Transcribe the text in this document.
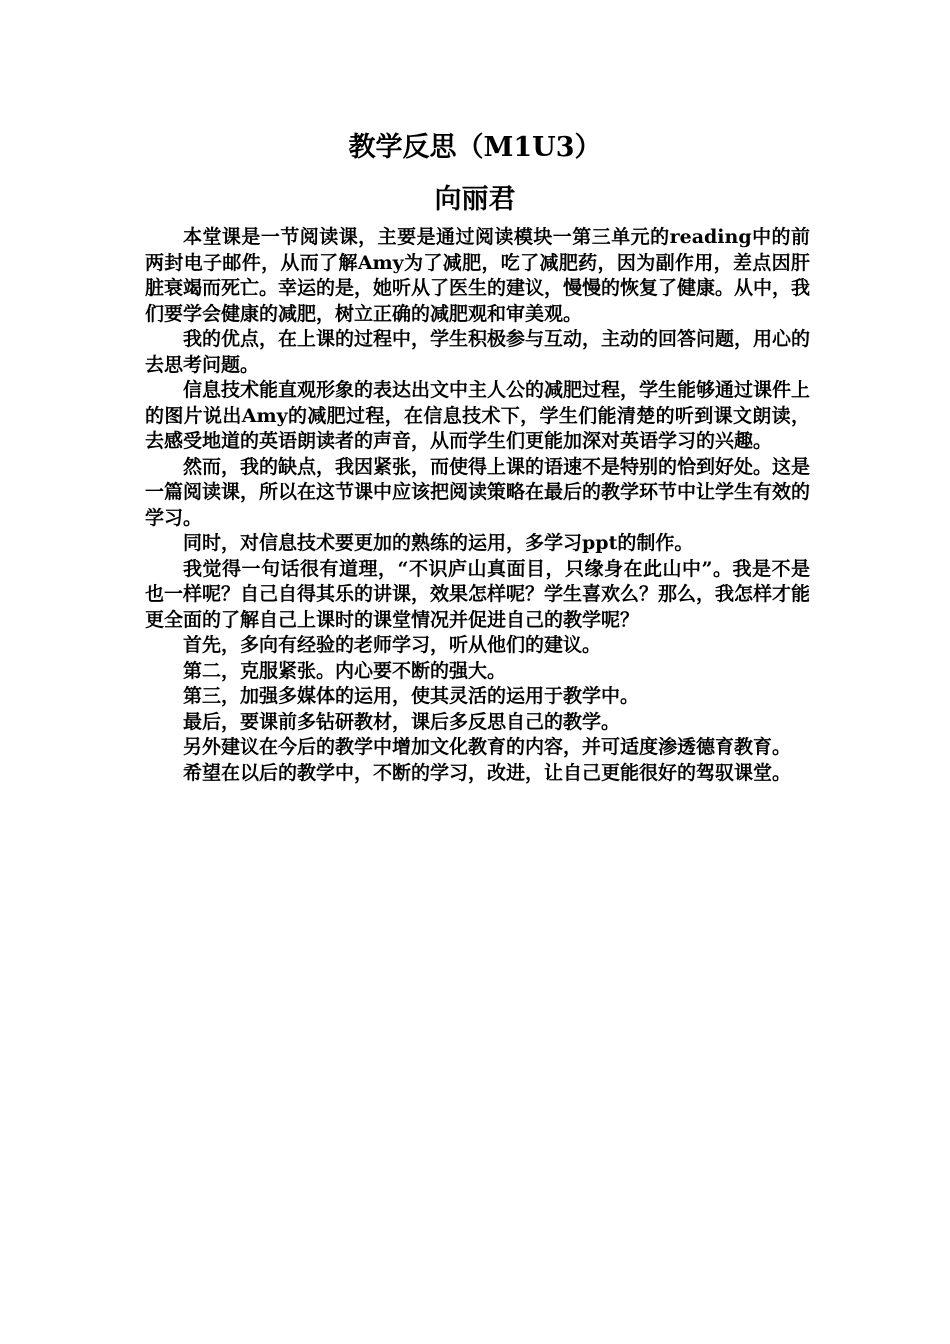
教学反思（M1U3）
向丽君

本堂课是一节阅读课，主要是通过阅读模块一第三单元的reading中的前两封电子邮件，从而了解Amy为了减肥，吃了减肥药，因为副作用，差点因肝脏衰竭而死亡。幸运的是，她听从了医生的建议，慢慢的恢复了健康。从中，我们要学会健康的减肥，树立正确的减肥观和审美观。

我的优点，在上课的过程中，学生积极参与互动，主动的回答问题，用心的去思考问题。

信息技术能直观形象的表达出文中主人公的减肥过程，学生能够通过课件上的图片说出Amy的减肥过程，在信息技术下，学生们能清楚的听到课文朗读，去感受地道的英语朗读者的声音，从而学生们更能加深对英语学习的兴趣。

然而，我的缺点，我因紧张，而使得上课的语速不是特别的恰到好处。这是一篇阅读课，所以在这节课中应该把阅读策略在最后的教学环节中让学生有效的学习。

同时，对信息技术要更加的熟练的运用，多学习ppt的制作。

我觉得一句话很有道理，“不识庐山真面目，只缘身在此山中”。我是不是也一样呢？自己自得其乐的讲课，效果怎样呢？学生喜欢么？那么，我怎样才能更全面的了解自己上课时的课堂情况并促进自己的教学呢？

首先，多向有经验的老师学习，听从他们的建议。

第二，克服紧张。内心要不断的强大。

第三，加强多媒体的运用，使其灵活的运用于教学中。

最后，要课前多钻研教材，课后多反思自己的教学。

另外建议在今后的教学中增加文化教育的内容，并可适度渗透德育教育。

希望在以后的教学中，不断的学习，改进，让自己更能很好的驾驭课堂。
